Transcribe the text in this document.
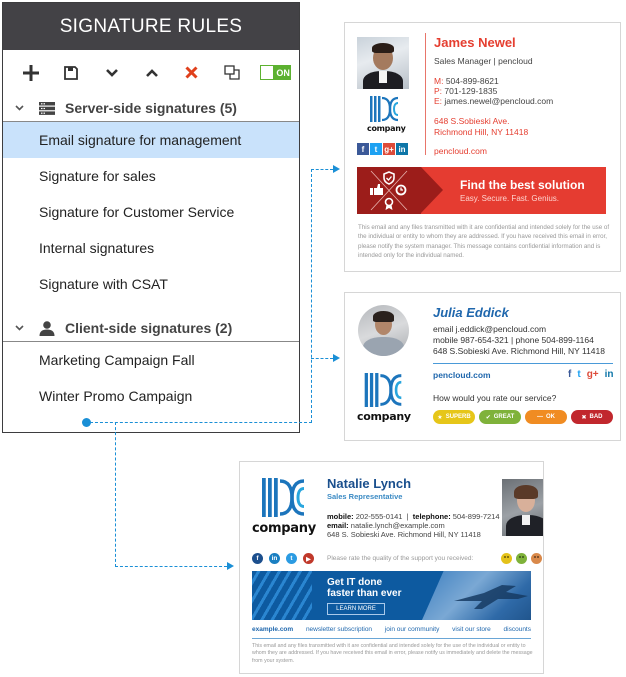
SIGNATURE RULES
ON
Server-side signatures (5)
Email signature for management
Signature for sales
Signature for Customer Service
Internal signatures
Signature with CSAT
Client-side signatures (2)
Marketing Campaign Fall
Winter Promo Campaign
company
f	t g+ in
James Newel
Sales Manager | pencloud
M: 504-899-8621
P: 701-129-1835
E: james.newel@pencloud.com
648 S.Sobieski Ave.
Richmond Hill, NY 11418
pencloud.com
Find the best solution
Easy. Secure. Fast. Genius.
This email and any files transmitted with it are confidential and intended solely for the use of the individual or entity to whom they are addressed. If you have received this email in error, please notify the system manager. This message contains confidential information and is intended only for the individual named.
company
Julia Eddick
email j.eddick@pencloud.com
mobile 987-654-321 | phone 504-899-1164
648 S.Sobieski Ave. Richmond Hill, NY 11418
pencloud.com	f t g+ in
How would you rate our service?
★ SUPERB	✔ GREAT	— OK	✖ BAD
company
Natalie Lynch
Sales Representative
mobile: 202-555-0141  |  telephone: 504-899-7214
email: natalie.lynch@example.com
648 S. Sobieski Ave. Richmond Hill, NY 11418
f	in	t	▶	Please rate the quality of the support you received:
Get IT done
faster than ever
LEARN MORE
example.com newsletter subscription join our community visit our store discounts
This email and any files transmitted with it are confidential and intended solely for the use of the individual or entity to whom they are addressed. If you have received this email in error, please notify us immediately and delete the message from your system.
